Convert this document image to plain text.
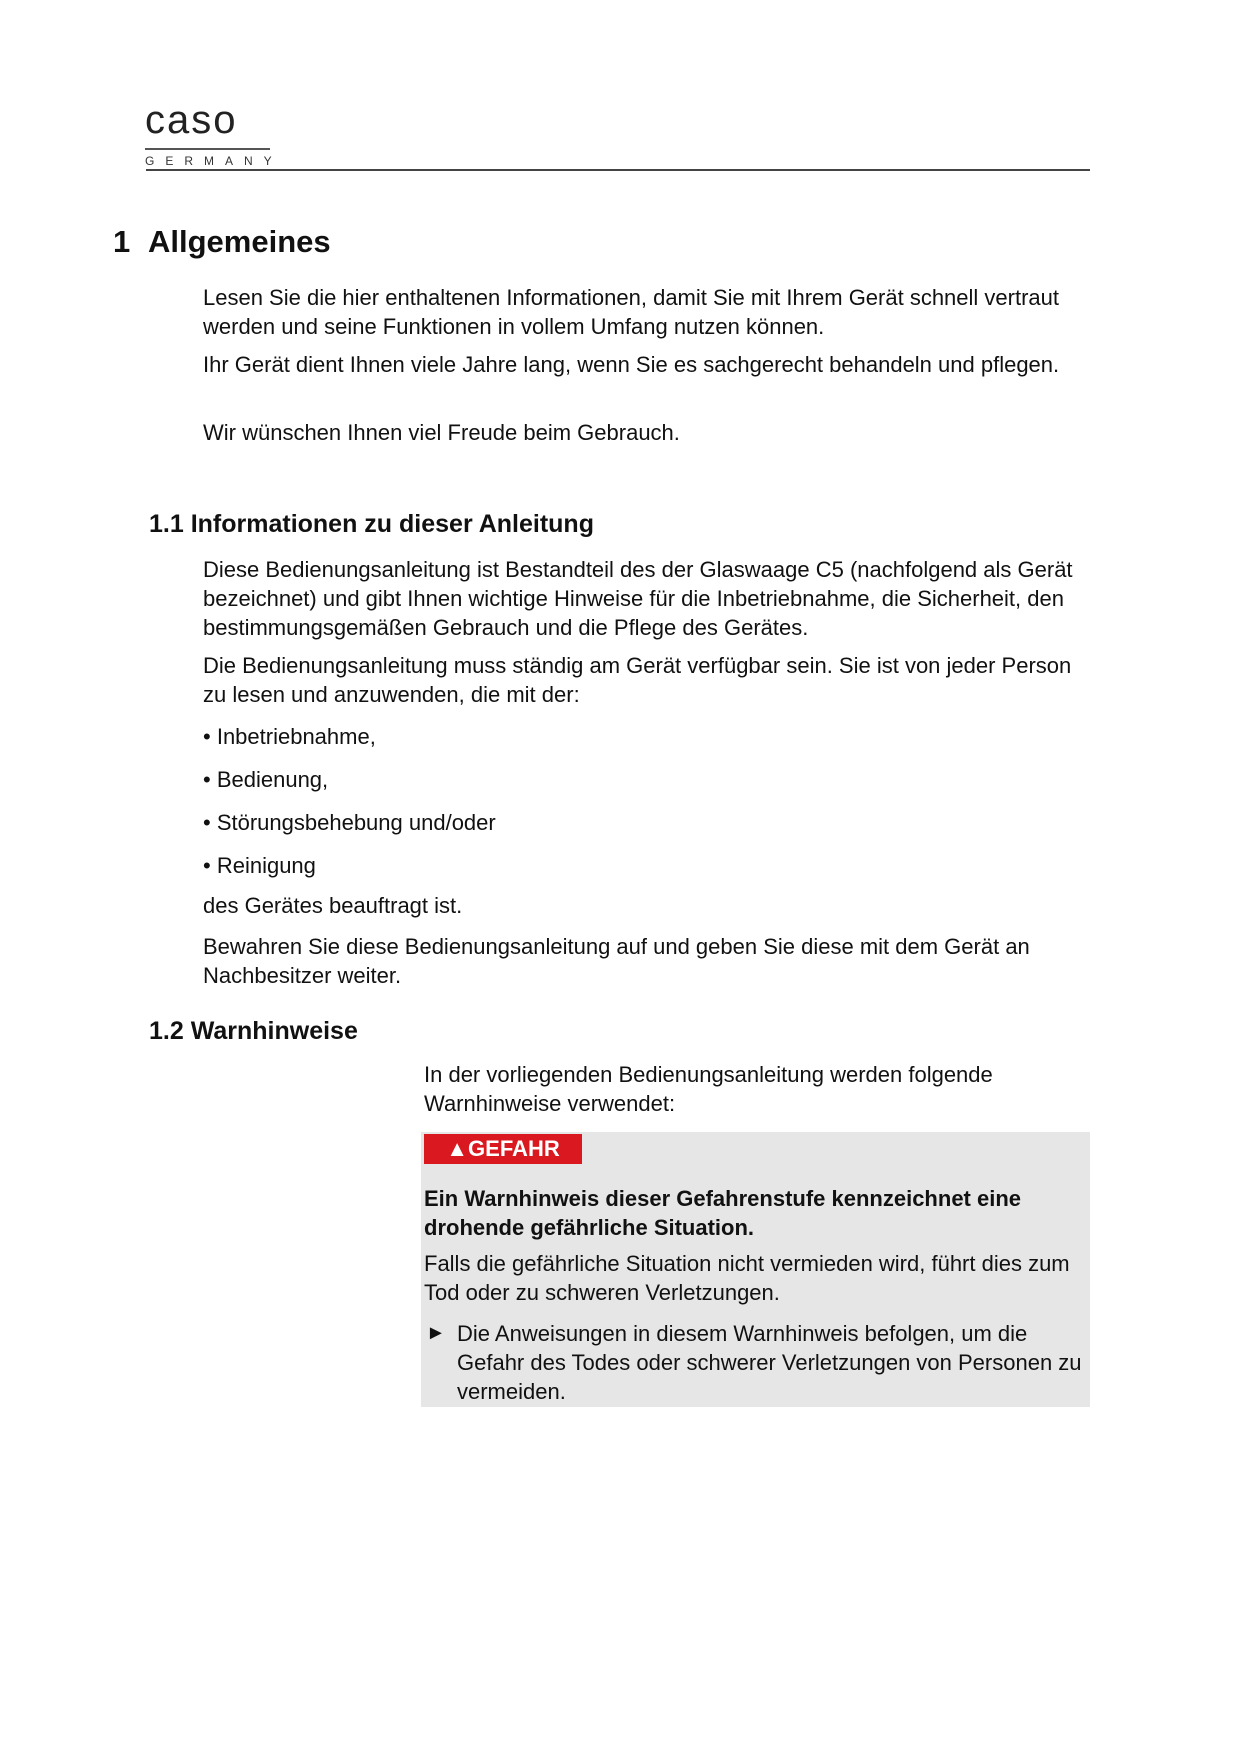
caso
GERMANY
1 Allgemeines

Lesen Sie die hier enthaltenen Informationen, damit Sie mit Ihrem Gerät schnell vertraut werden und seine Funktionen in vollem Umfang nutzen können.

Ihr Gerät dient Ihnen viele Jahre lang, wenn Sie es sachgerecht behandeln und pflegen.

Wir wünschen Ihnen viel Freude beim Gebrauch.

1.1 Informationen zu dieser Anleitung

Diese Bedienungsanleitung ist Bestandteil des der Glaswaage C5 (nachfolgend als Gerät bezeichnet) und gibt Ihnen wichtige Hinweise für die Inbetriebnahme, die Sicherheit, den bestimmungsgemäßen Gebrauch und die Pflege des Gerätes.

Die Bedienungsanleitung muss ständig am Gerät verfügbar sein. Sie ist von jeder Person zu lesen und anzuwenden, die mit der:

• Inbetriebnahme,

• Bedienung,

• Störungsbehebung und/oder

• Reinigung

des Gerätes beauftragt ist.

Bewahren Sie diese Bedienungsanleitung auf und geben Sie diese mit dem Gerät an Nachbesitzer weiter.

1.2 Warnhinweise

In der vorliegenden Bedienungsanleitung werden folgende Warnhinweise verwendet:

▲GEFAHR

Ein Warnhinweis dieser Gefahrenstufe kennzeichnet eine drohende gefährliche Situation.

Falls die gefährliche Situation nicht vermieden wird, führt dies zum Tod oder zu schweren Verletzungen.

► Die Anweisungen in diesem Warnhinweis befolgen, um die Gefahr des Todes oder schwerer Verletzungen von Personen zu vermeiden.
